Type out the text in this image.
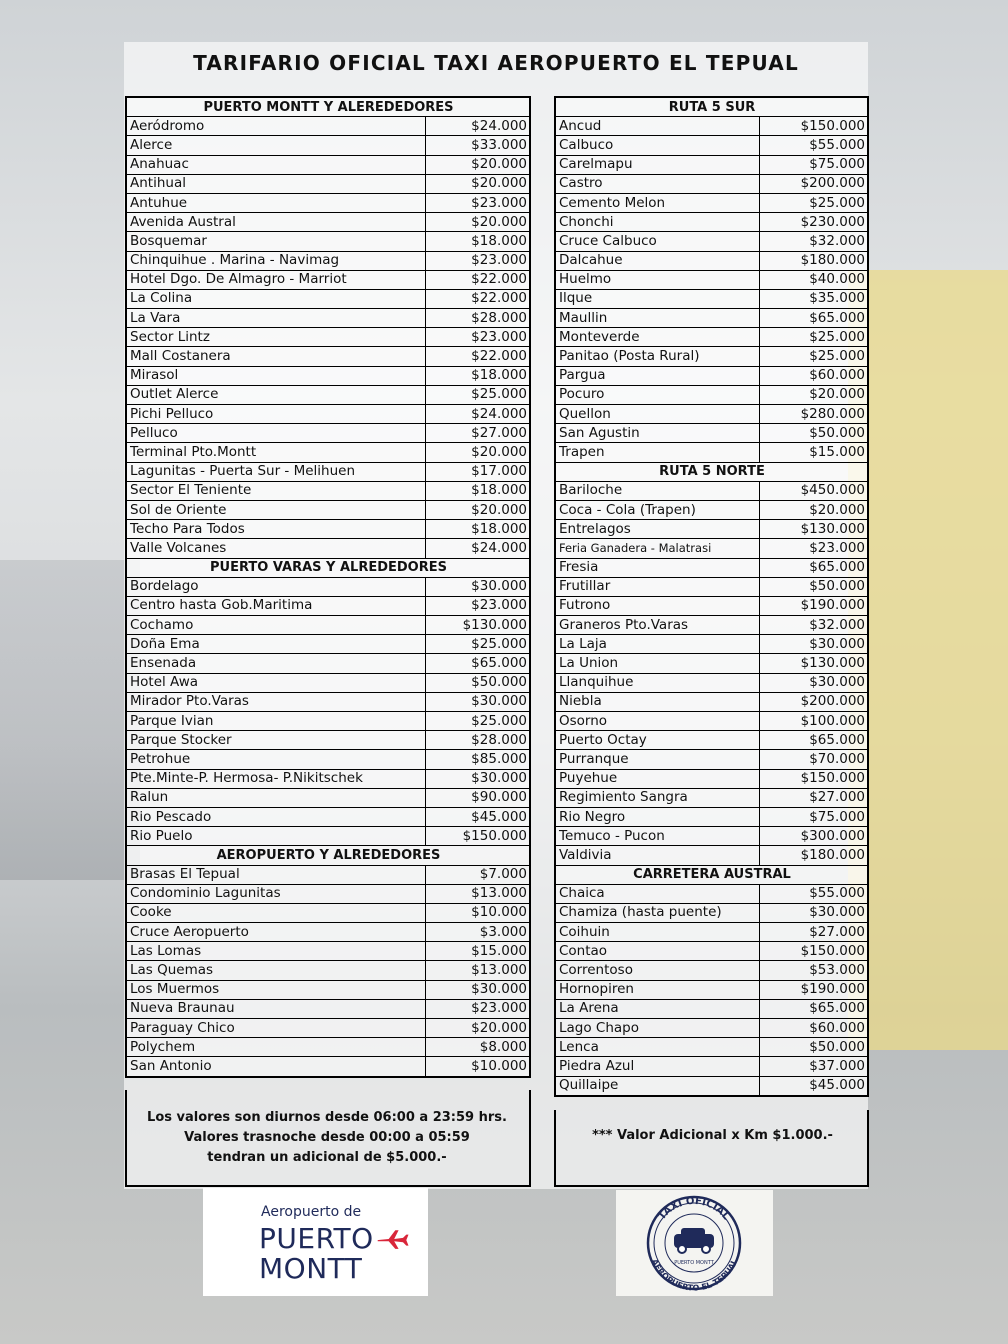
TARIFARIO OFICIAL TAXI AEROPUERTO EL TEPUAL
PUERTO MONTT Y ALEREDEDORES	
Aeródromo	$24.000
Alerce	$33.000
Anahuac	$20.000
Antihual	$20.000
Antuhue	$23.000
Avenida Austral	$20.000
Bosquemar	$18.000
Chinquihue . Marina - Navimag	$23.000
Hotel Dgo. De Almagro - Marriot	$22.000
La Colina	$22.000
La Vara	$28.000
Sector Lintz	$23.000
Mall Costanera	$22.000
Mirasol	$18.000
Outlet Alerce	$25.000
Pichi Pelluco	$24.000
Pelluco	$27.000
Terminal Pto.Montt	$20.000
Lagunitas - Puerta Sur - Melihuen	$17.000
Sector El Teniente	$18.000
Sol de Oriente	$20.000
Techo Para Todos	$18.000
Valle Volcanes	$24.000
PUERTO VARAS Y ALREDEDORES	
Bordelago	$30.000
Centro hasta Gob.Maritima	$23.000
Cochamo	$130.000
Doña Ema	$25.000
Ensenada	$65.000
Hotel Awa	$50.000
Mirador Pto.Varas	$30.000
Parque Ivian	$25.000
Parque Stocker	$28.000
Petrohue	$85.000
Pte.Minte-P. Hermosa- P.Nikitschek	$30.000
Ralun	$90.000
Rio Pescado	$45.000
Rio Puelo	$150.000
AEROPUERTO Y ALREDEDORES	
Brasas El Tepual	$7.000
Condominio Lagunitas	$13.000
Cooke	$10.000
Cruce Aeropuerto	$3.000
Las Lomas	$15.000
Las Quemas	$13.000
Los Muermos	$30.000
Nueva Braunau	$23.000
Paraguay Chico	$20.000
Polychem	$8.000
San Antonio	$10.000
RUTA 5 SUR	
Ancud	$150.000
Calbuco	$55.000
Carelmapu	$75.000
Castro	$200.000
Cemento Melon	$25.000
Chonchi	$230.000
Cruce Calbuco	$32.000
Dalcahue	$180.000
Huelmo	$40.000
Ilque	$35.000
Maullin	$65.000
Monteverde	$25.000
Panitao (Posta Rural)	$25.000
Pargua	$60.000
Pocuro	$20.000
Quellon	$280.000
San Agustin	$50.000
Trapen	$15.000
RUTA 5 NORTE	
Bariloche	$450.000
Coca - Cola (Trapen)	$20.000
Entrelagos	$130.000
Feria Ganadera - Malatrasi	$23.000
Fresia	$65.000
Frutillar	$50.000
Futrono	$190.000
Graneros Pto.Varas	$32.000
La Laja	$30.000
La Union	$130.000
Llanquihue	$30.000
Niebla	$200.000
Osorno	$100.000
Puerto Octay	$65.000
Purranque	$70.000
Puyehue	$150.000
Regimiento Sangra	$27.000
Rio Negro	$75.000
Temuco - Pucon	$300.000
Valdivia	$180.000
CARRETERA AUSTRAL	
Chaica	$55.000
Chamiza (hasta puente)	$30.000
Coihuin	$27.000
Contao	$150.000
Correntoso	$53.000
Hornopiren	$190.000
La Arena	$65.000
Lago Chapo	$60.000
Lenca	$50.000
Piedra Azul	$37.000
Quillaipe	$45.000
Los valores son diurnos desde 06:00 a 23:59 hrs.
Valores trasnoche desde 00:00 a 05:59
tendran un adicional de $5.000.-
*** Valor Adicional x Km $1.000.-
Aeropuerto de
PUERTO
MONTT
TAXI OFICIAL
AEROPUERTO EL TEPUAL
PUERTO MONTT
